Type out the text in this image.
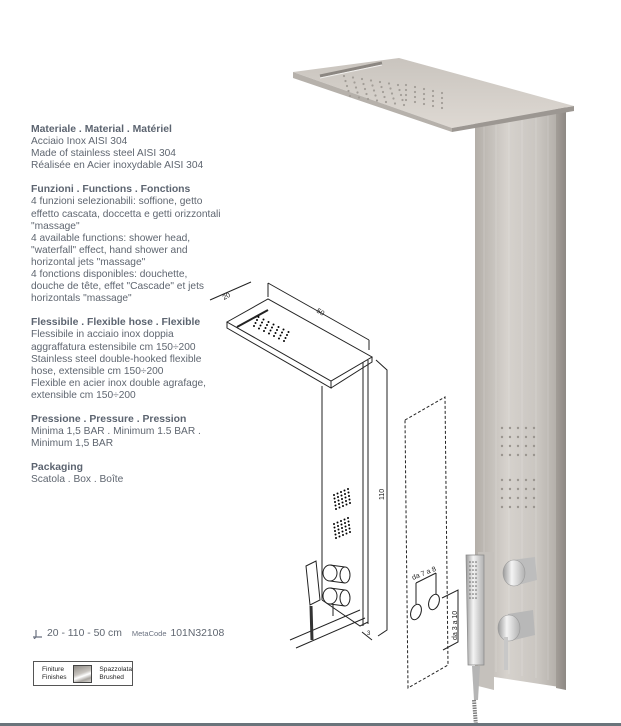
Materiale . Material . Matériel

Acciaio Inox AISI 304
Made of stainless steel AISI 304
Réalisée en Acier inoxydable AISI 304

Funzioni . Functions . Fonctions

4 funzioni selezionabili: soffione, getto
effetto cascata, doccetta e getti orizzontali
"massage"
4 available functions: shower head,
"waterfall" effect, hand shower and
horizontal jets "massage"
4 fonctions disponibles: douchette,
douche de tête, effet "Cascade" et jets
horizontals "massage"

Flessibile . Flexible hose . Flexible

Flessibile in acciaio inox doppia
aggraffatura estensibile cm 150÷200
Stainless steel double-hooked flexible
hose, extensible cm 150÷200
Flexible en acier inox double agrafage,
extensible cm 150÷200

Pressione . Pressure . Pression

Minima 1,5 BAR . Minimum 1.5 BAR .
Minimum 1,5 BAR

Packaging

Scatola . Box . Boîte

20 - 110 - 50 cm MetaCode 101N32108
Finiture
Finishes
Spazzolata
Brushed
20
50
110
3
da 7 a 8
da 3 a 10
